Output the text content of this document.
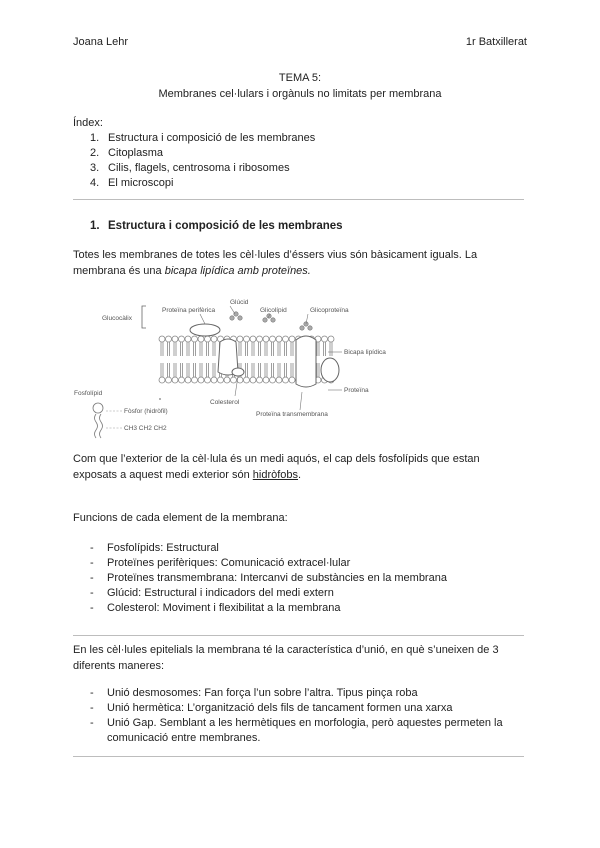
Joana Lehr	1r Batxillerat
TEMA 5:
Membranes cel·lulars i orgànuls no limitats per membrana
Índex:
1. Estructura i composició de les membranes
2. Citoplasma
3. Cilis, flagels, centrosoma i ribosomes
4. El microscopi
1. Estructura i composició de les membranes

Totes les membranes de totes les cèl·lules d’éssers vius són bàsicament iguals. La

membrana és una bicapa lipídica amb proteïnes.

Glucocàlix
Proteïna perifèrica
Glúcid
Glicolípid	Glicoproteïna
Bicapa lipídica
Proteïna
Colesterol
Proteïna transmembrana
Fosfolípid
Fòsfor (hidròfil)
CH3 CH2 CH2

Com que l’exterior de la cèl·lula és un medi aquós, el cap dels fosfolípids que estan

exposats a aquest medi exterior són hidròfobs.

Funcions de cada element de la membrana:
- Fosfolípids: Estructural
- Proteïnes perifèriques: Comunicació extracel·lular
- Proteïnes transmembrana: Intercanvi de substàncies en la membrana
- Glúcid: Estructural i indicadors del medi extern
- Colesterol: Moviment i flexibilitat a la membrana

En les cèl·lules epitelials la membrana té la característica d’unió, en què s’uneixen de 3

diferents maneres:

- Unió desmosomes: Fan força l’un sobre l’altra. Tipus pinça roba
- Unió hermètica: L’organització dels fils de tancament formen una xarxa
- Unió Gap. Semblant a les hermètiques en morfologia, però aquestes permeten la
comunicació entre membranes.
